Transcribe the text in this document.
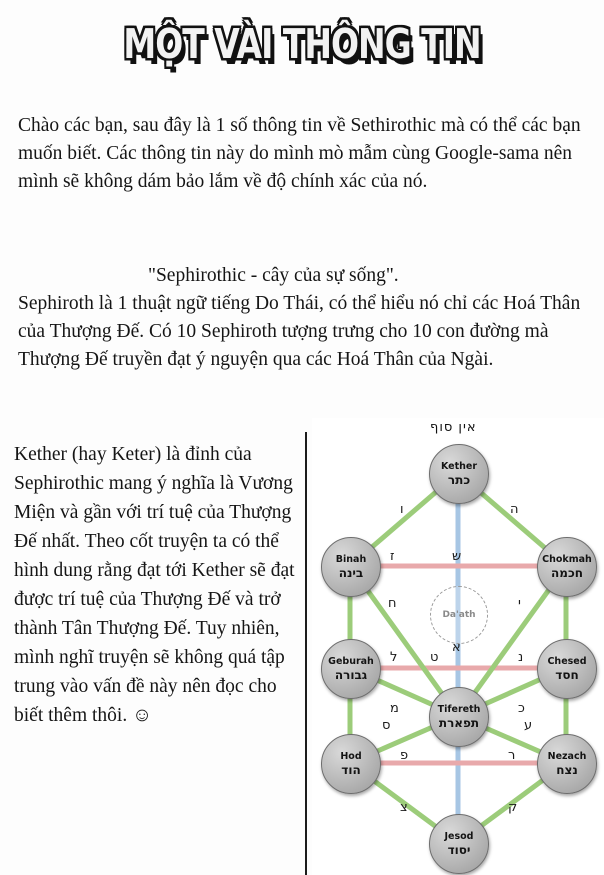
MỘT VÀI THÔNG TIN
Chào các bạn, sau đây là 1 số thông tin về Sethirothic mà có thể các bạn muốn biết. Các thông tin này do mình mò mẫm cùng Google-sama nên mình sẽ không dám bảo lắm về độ chính xác của nó.
"Sephirothic - cây của sự sống".
Sephiroth là 1 thuật ngữ tiếng Do Thái, có thể hiểu nó chỉ các Hoá Thân của Thượng Đế. Có 10 Sephiroth tượng trưng cho 10 con đường mà Thượng Đế truyền đạt ý nguyện qua các Hoá Thân của Ngài.
Kether (hay Keter) là đỉnh của Sephirothic mang ý nghĩa là Vương Miện và gần với trí tuệ của Thượng Đế nhất. Theo cốt truyện ta có thể hình dung rằng đạt tới Kether sẽ đạt được trí tuệ của Thượng Đế và trở thành Tân Thượng Đế. Tuy nhiên, mình nghĩ truyện sẽ không quá tập trung vào vấn đề này nên đọc cho biết thêm thôi. ☺
אין סוף
Kether
כתר
Binah
בינה
Chokmah
חכמה
Da'ath
Geburah
גבורה
Chesed
חסד
Tifereth
תפארת
Hod
הוד
Nezach
נצח
Jesod
יסוד
ו	ה
ז	ש
ח	י
ל	נ
ט
א
מ	כ
ס	ע
פ	ר
צ	ק
